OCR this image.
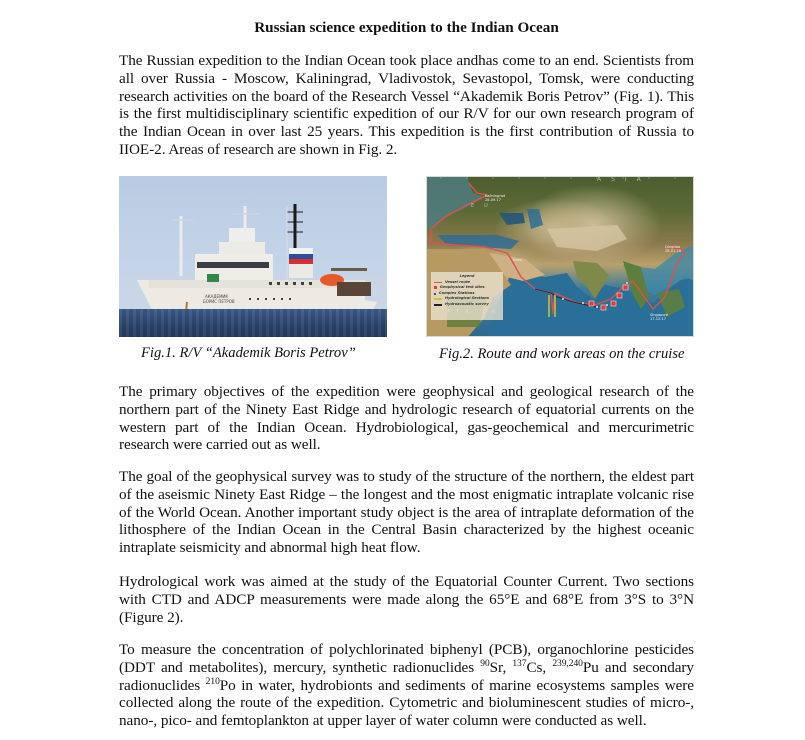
Russian science expedition to the Indian Ocean

The Russian expedition to the Indian Ocean took place andhas come to an end. Scientists from all over Russia - Moscow, Kaliningrad, Vladivostok, Sevastopol, Tomsk, were conducting research activities on the board of the Research Vessel “Akademik Boris Petrov” (Fig. 1). This is the first multidisciplinary scientific expedition of our R/V for our own research program of the Indian Ocean in over last 25 years. This expedition is the first contribution of Russia to IIOE-2. Areas of research are shown in Fig. 2.

АКАДЕМИК
БОРИС ПЕТРОВ
Fig.1. R/V “Akademik Boris Petrov”
ASIA
EU
Kaliningrad
28.09.17
Suez
Singapore
17.12.17
Qingdao
28.01.18
Legend
Vessel route
Geophysical test sites
Complex Stations
Hydrological Sections
Hydroacoustic survey
Fig.2. Route and work areas on the cruise

The primary objectives of the expedition were geophysical and geological research of the northern part of the Ninety East Ridge and hydrologic research of equatorial currents on the western part of the Indian Ocean. Hydrobiological, gas-geochemical and mercurimetric research were carried out as well.

The goal of the geophysical survey was to study of the structure of the northern, the eldest part of the aseismic Ninety East Ridge – the longest and the most enigmatic intraplate volcanic rise of the World Ocean. Another important study object is the area of intraplate deformation of the lithosphere of the Indian Ocean in the Central Basin characterized by the highest oceanic intraplate seismicity and abnormal high heat flow.

Hydrological work was aimed at the study of the Equatorial Counter Current. Two sections with CTD and ADCP measurements were made along the 65°E and 68°E from 3°S to 3°N (Figure 2).

To measure the concentration of polychlorinated biphenyl (PCB), organochlorine pesticides (DDT and metabolites), mercury, synthetic radionuclides $^{90}$Sr, $^{137}$Cs, $^{239,240}$Pu and secondary radionuclides $^{210}$Po in water, hydrobionts and sediments of marine ecosystems samples were collected along the route of the expedition. Cytometric and bioluminescent studies of micro-, nano-, pico- and femtoplankton at upper layer of water column were conducted as well.
